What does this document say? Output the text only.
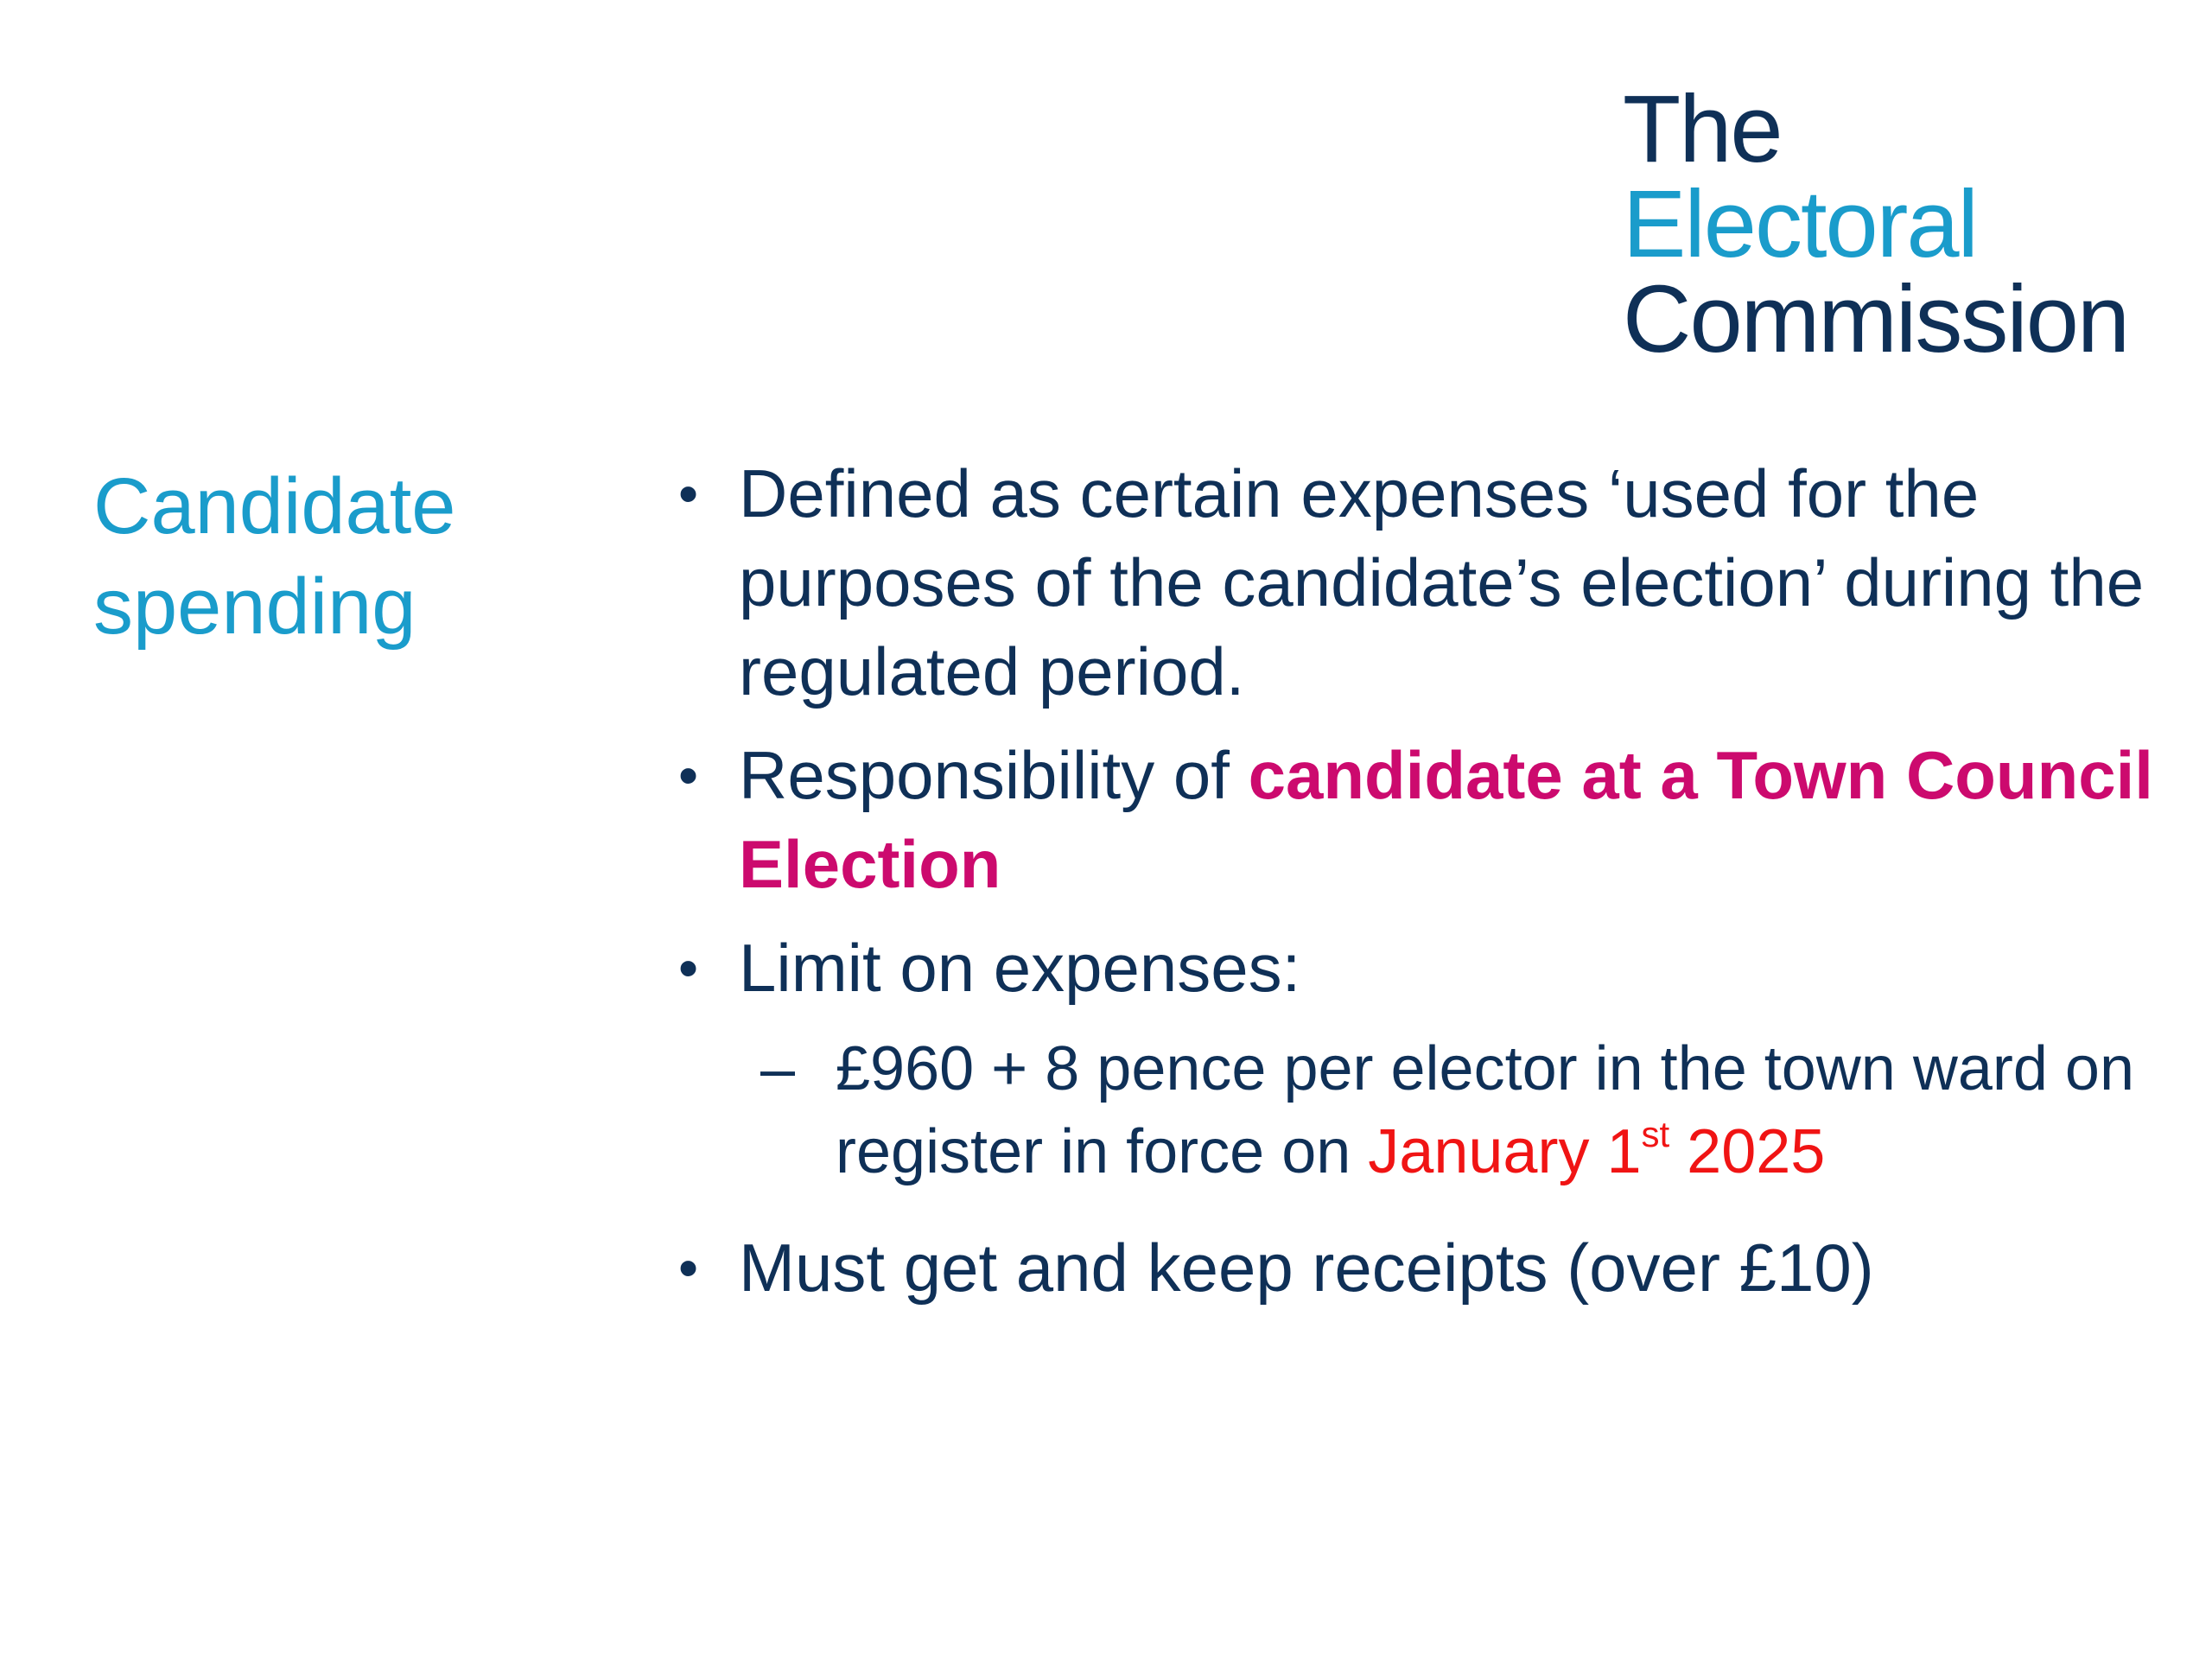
The
Electoral
Commission
Candidate
spending
• Defined as certain expenses ‘used for the purposes of the candidate’s election’ during the regulated period.
• Responsibility of candidate at a Town Council Election
• Limit on expenses:
– £960 + 8 pence per elector in the town ward on register in force on January 1st 2025
• Must get and keep receipts (over £10)
